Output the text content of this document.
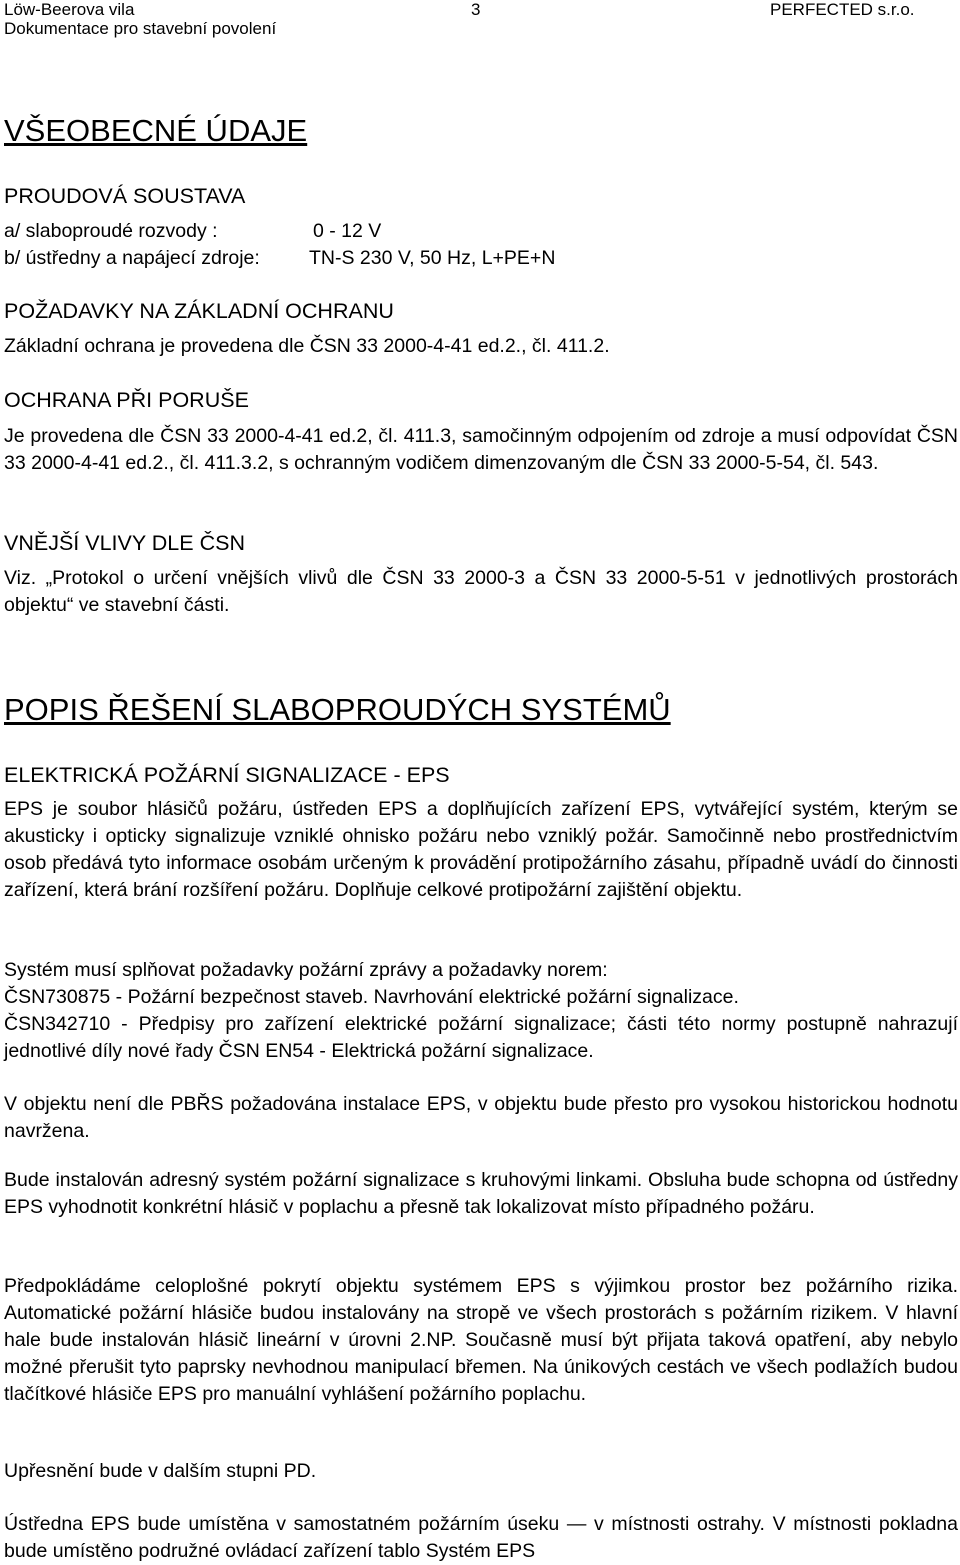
Löw-Beerova vila
Dokumentace pro stavební povolení
3	PERFECTED s.r.o.
VŠEOBECNÉ ÚDAJE
PROUDOVÁ SOUSTAVA
a/ slaboproudé rozvody :	0 - 12 V
b/ ústředny a napájecí zdroje:	TN-S 230 V, 50 Hz, L+PE+N
POŽADAVKY NA ZÁKLADNÍ OCHRANU
Základní ochrana je provedena dle ČSN 33 2000-4-41 ed.2., čl. 411.2.
OCHRANA PŘI PORUŠE
Je provedena dle ČSN 33 2000-4-41 ed.2, čl. 411.3, samočinným odpojením od zdroje a musí odpovídat ČSN 33 2000-4-41 ed.2., čl. 411.3.2, s ochranným vodičem dimenzovaným dle ČSN 33 2000-5-54, čl. 543.
VNĚJŠÍ VLIVY DLE ČSN
Viz. „Protokol o určení vnějších vlivů dle ČSN 33 2000-3 a ČSN 33 2000-5-51 v jednotlivých prostorách objektu“ ve stavební části.
POPIS ŘEŠENÍ SLABOPROUDÝCH SYSTÉMŮ
ELEKTRICKÁ POŽÁRNÍ SIGNALIZACE - EPS
EPS je soubor hlásičů požáru, ústředen EPS a doplňujících zařízení EPS, vytvářející systém, kterým se akusticky i opticky signalizuje vzniklé ohnisko požáru nebo vzniklý požár. Samočinně nebo prostřednictvím osob předává tyto informace osobám určeným k provádění protipožárního zásahu, případně uvádí do činnosti zařízení, která brání rozšíření požáru. Doplňuje celkové protipožární zajištění objektu.
Systém musí splňovat požadavky požární zprávy a požadavky norem:
ČSN730875 - Požární bezpečnost staveb. Navrhování elektrické požární signalizace.
ČSN342710 - Předpisy pro zařízení elektrické požární signalizace; části této normy postupně nahrazují jednotlivé díly nové řady ČSN EN54 - Elektrická požární signalizace.
V objektu není dle PBŘS požadována instalace EPS, v objektu bude přesto pro vysokou historickou hodnotu navržena.
Bude instalován adresný systém požární signalizace s kruhovými linkami. Obsluha bude schopna od ústředny EPS vyhodnotit konkrétní hlásič v poplachu a přesně tak lokalizovat místo případného požáru.
Předpokládáme celoplošné pokrytí objektu systémem EPS s výjimkou prostor bez požárního rizika. Automatické požární hlásiče budou instalovány na stropě ve všech prostorách s požárním rizikem. V hlavní hale bude instalován hlásič lineární v úrovni 2.NP. Současně musí být přijata taková opatření, aby nebylo možné přerušit tyto paprsky nevhodnou manipulací břemen. Na únikových cestách ve všech podlažích budou tlačítkové hlásiče EPS pro manuální vyhlášení požárního poplachu.
Upřesnění bude v dalším stupni PD.
Ústředna EPS bude umístěna v samostatném požárním úseku — v místnosti ostrahy. V místnosti pokladna bude umístěno podružné ovládací zařízení tablo Systém EPS
